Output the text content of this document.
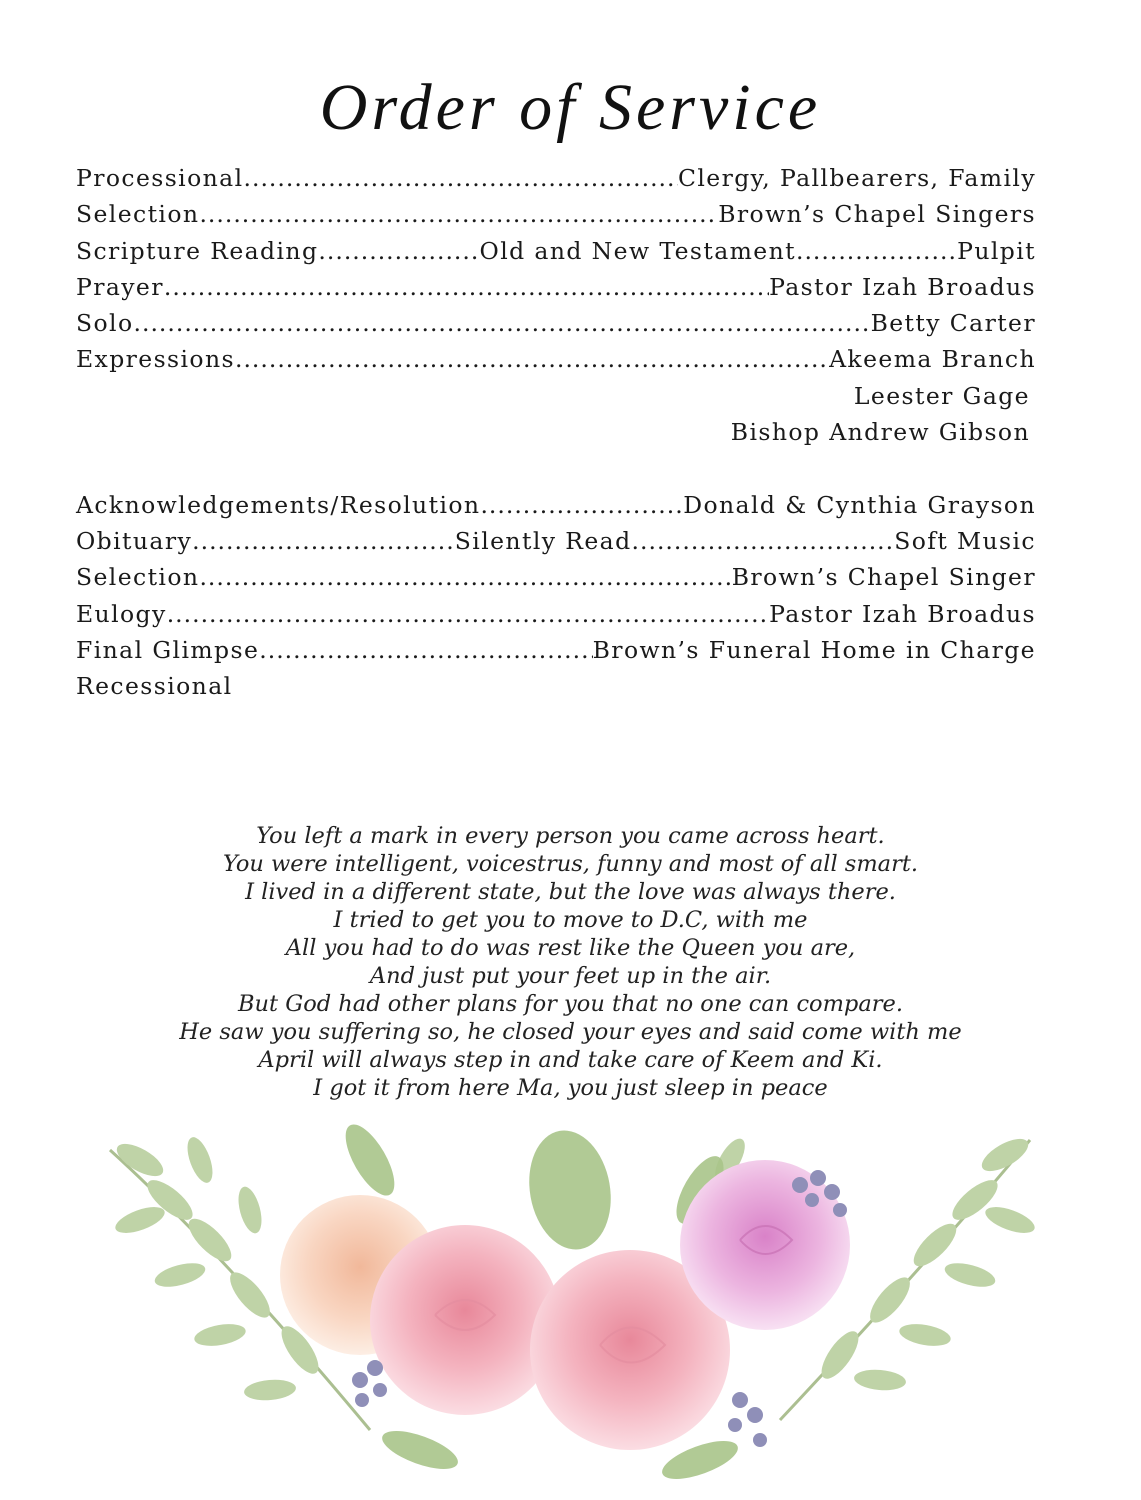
Order of Service
Processional .....	Clergy, Pallbearers, Family
Selection .....	Brown’s Chapel Singers
Scripture Reading .....	Old and New Testament .....	Pulpit
Prayer .....	Pastor Izah Broadus
Solo .....	Betty Carter
Expressions .....	Akeema Branch
Leester Gage
Bishop Andrew Gibson
Acknowledgements/Resolution .....	Donald & Cynthia Grayson
Obituary .....	Silently Read .....	Soft Music
Selection .....	Brown’s Chapel Singer
Eulogy .....	Pastor Izah Broadus
Final Glimpse .....	Brown’s Funeral Home in Charge
Recessional
You left a mark in every person you came across heart.
You were intelligent, voicestrus, funny and most of all smart.
I lived in a different state, but the love was always there.
I tried to get you to move to D.C, with me
All you had to do was rest like the Queen you are,
And just put your feet up in the air.
But God had other plans for you that no one can compare.
He saw you suffering so, he closed your eyes and said come with me
April will always step in and take care of Keem and Ki.
I got it from here Ma, you just sleep in peace
